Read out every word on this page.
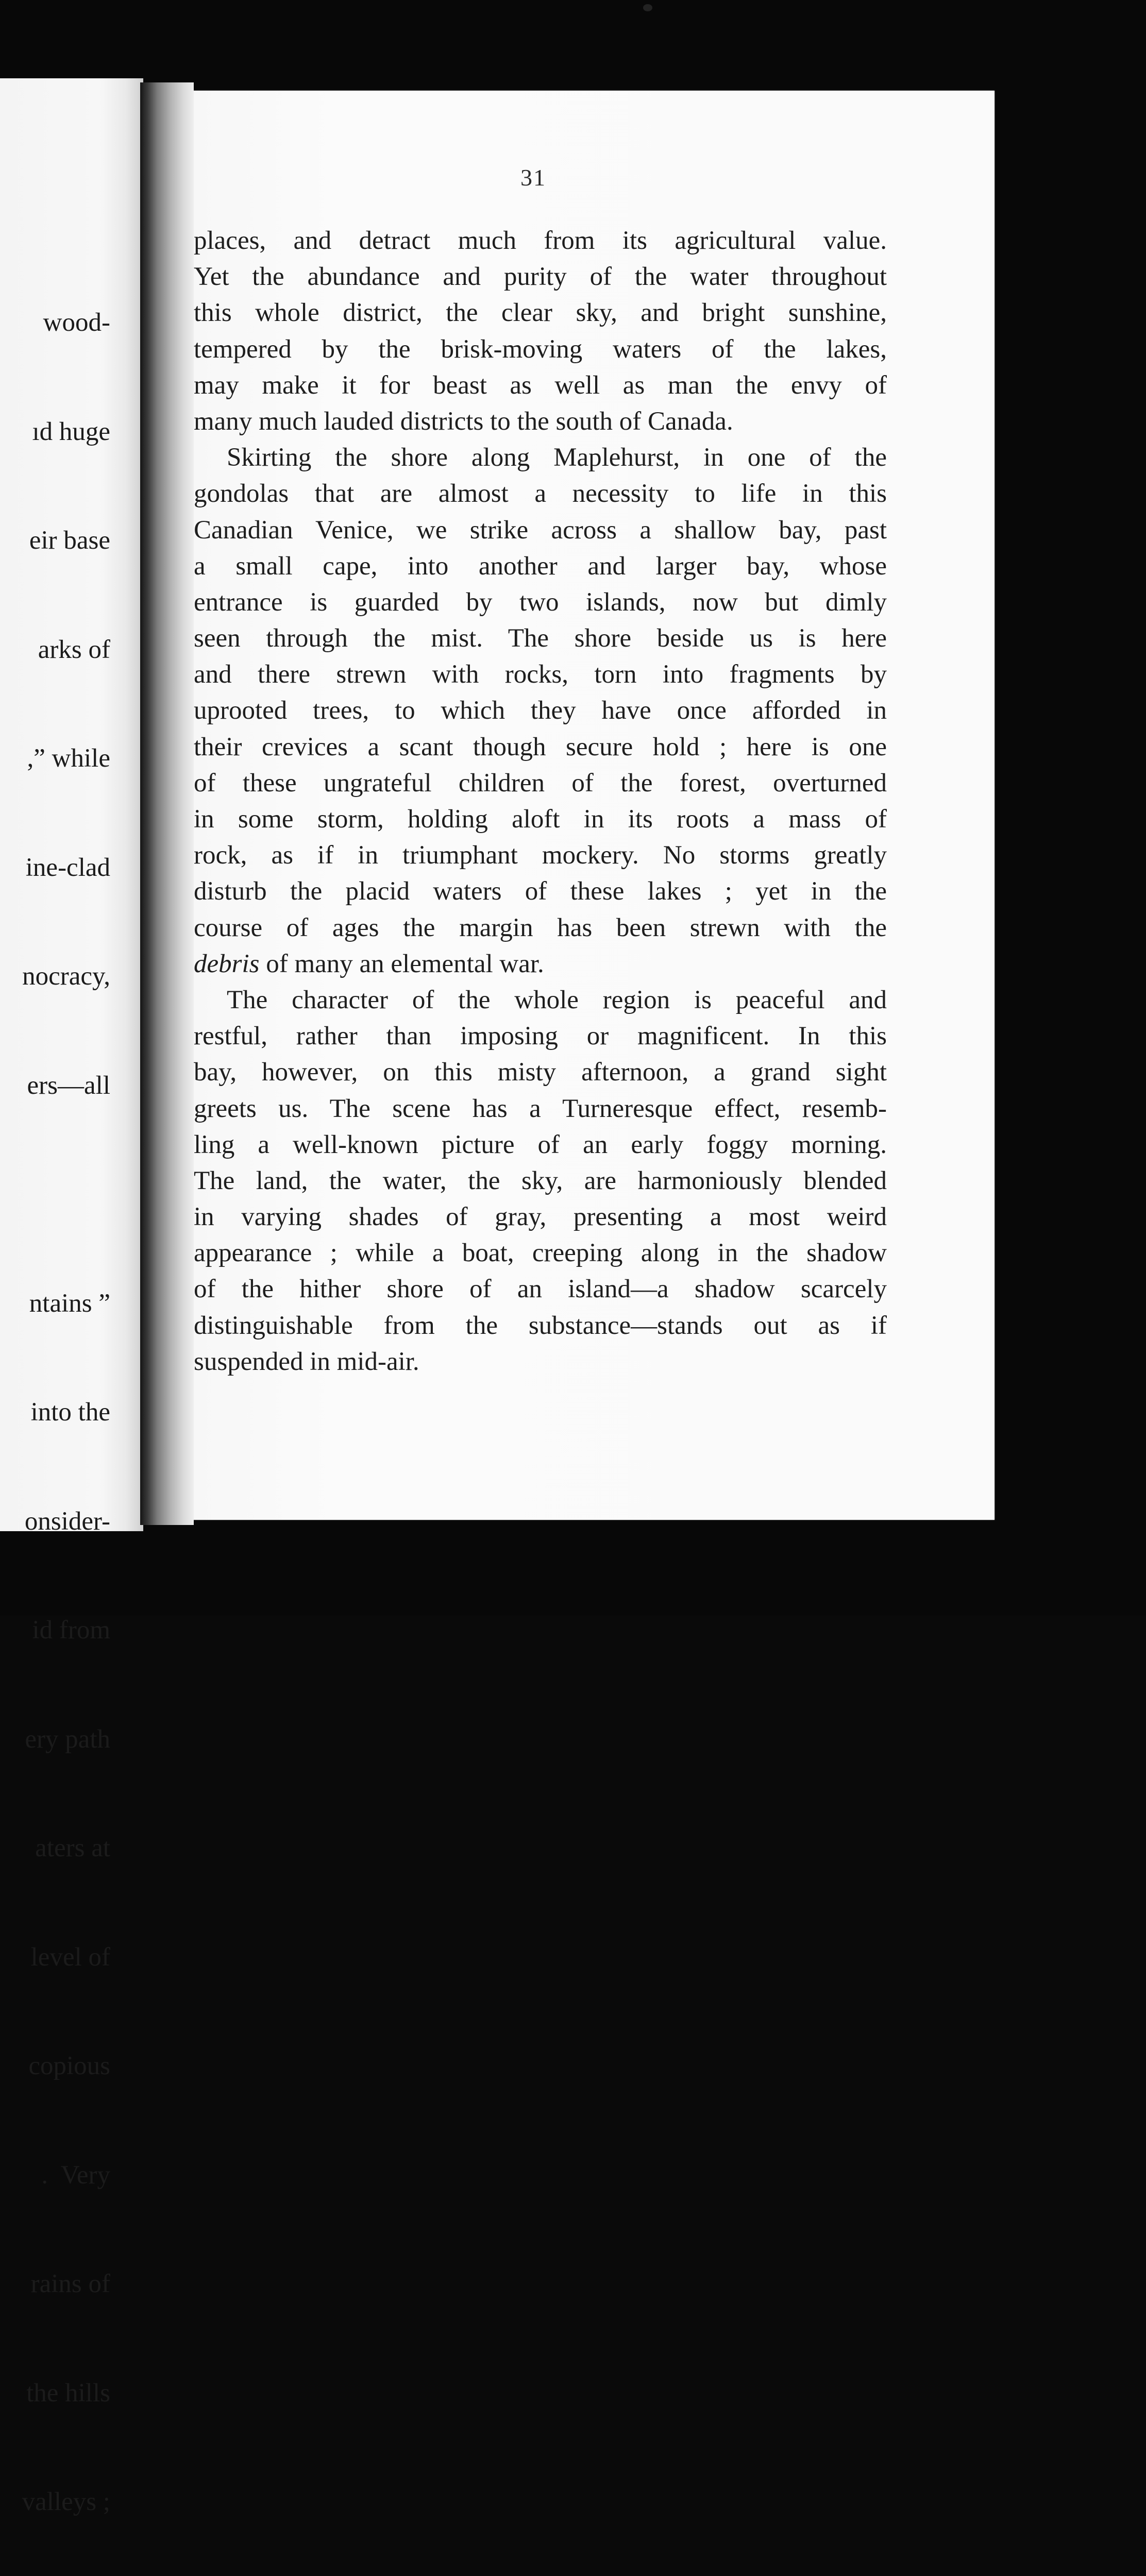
wood-

ıd huge

eir base

arks of

,” while

ine-clad

nocracy,

ers—all

ntains ”

into the

onsider-

id from

ery path

aters at

level of

copious

.  Very

rains of

the hills

valleys ;

31

places, and detract much from its agricultural value.
Yet the abundance and purity of the water throughout
this whole district, the clear sky, and bright sunshine,
tempered by the brisk-moving waters of the lakes,
may make it for beast as well as man the envy of
many much lauded districts to the south of Canada.

Skirting the shore along Maplehurst, in one of the
gondolas that are almost a necessity to life in this
Canadian Venice, we strike across a shallow bay, past
a small cape, into another and larger bay, whose
entrance is guarded by two islands, now but dimly
seen through the mist. The shore beside us is here
and there strewn with rocks, torn into fragments by
uprooted trees, to which they have once afforded in
their crevices a scant though secure hold ; here is one
of these ungrateful children of the forest, overturned
in some storm, holding aloft in its roots a mass of
rock, as if in triumphant mockery. No storms greatly
disturb the placid waters of these lakes ; yet in the
course of ages the margin has been strewn with the
debris of many an elemental war.

The character of the whole region is peaceful and
restful, rather than imposing or magnificent. In this
bay, however, on this misty afternoon, a grand sight
greets us. The scene has a Turneresque effect, resemb-
ling a well-known picture of an early foggy morning.
The land, the water, the sky, are harmoniously blended
in varying shades of gray, presenting a most weird
appearance ; while a boat, creeping along in the shadow
of the hither shore of an island—a shadow scarcely
distinguishable from the substance—stands out as if
suspended in mid-air.
